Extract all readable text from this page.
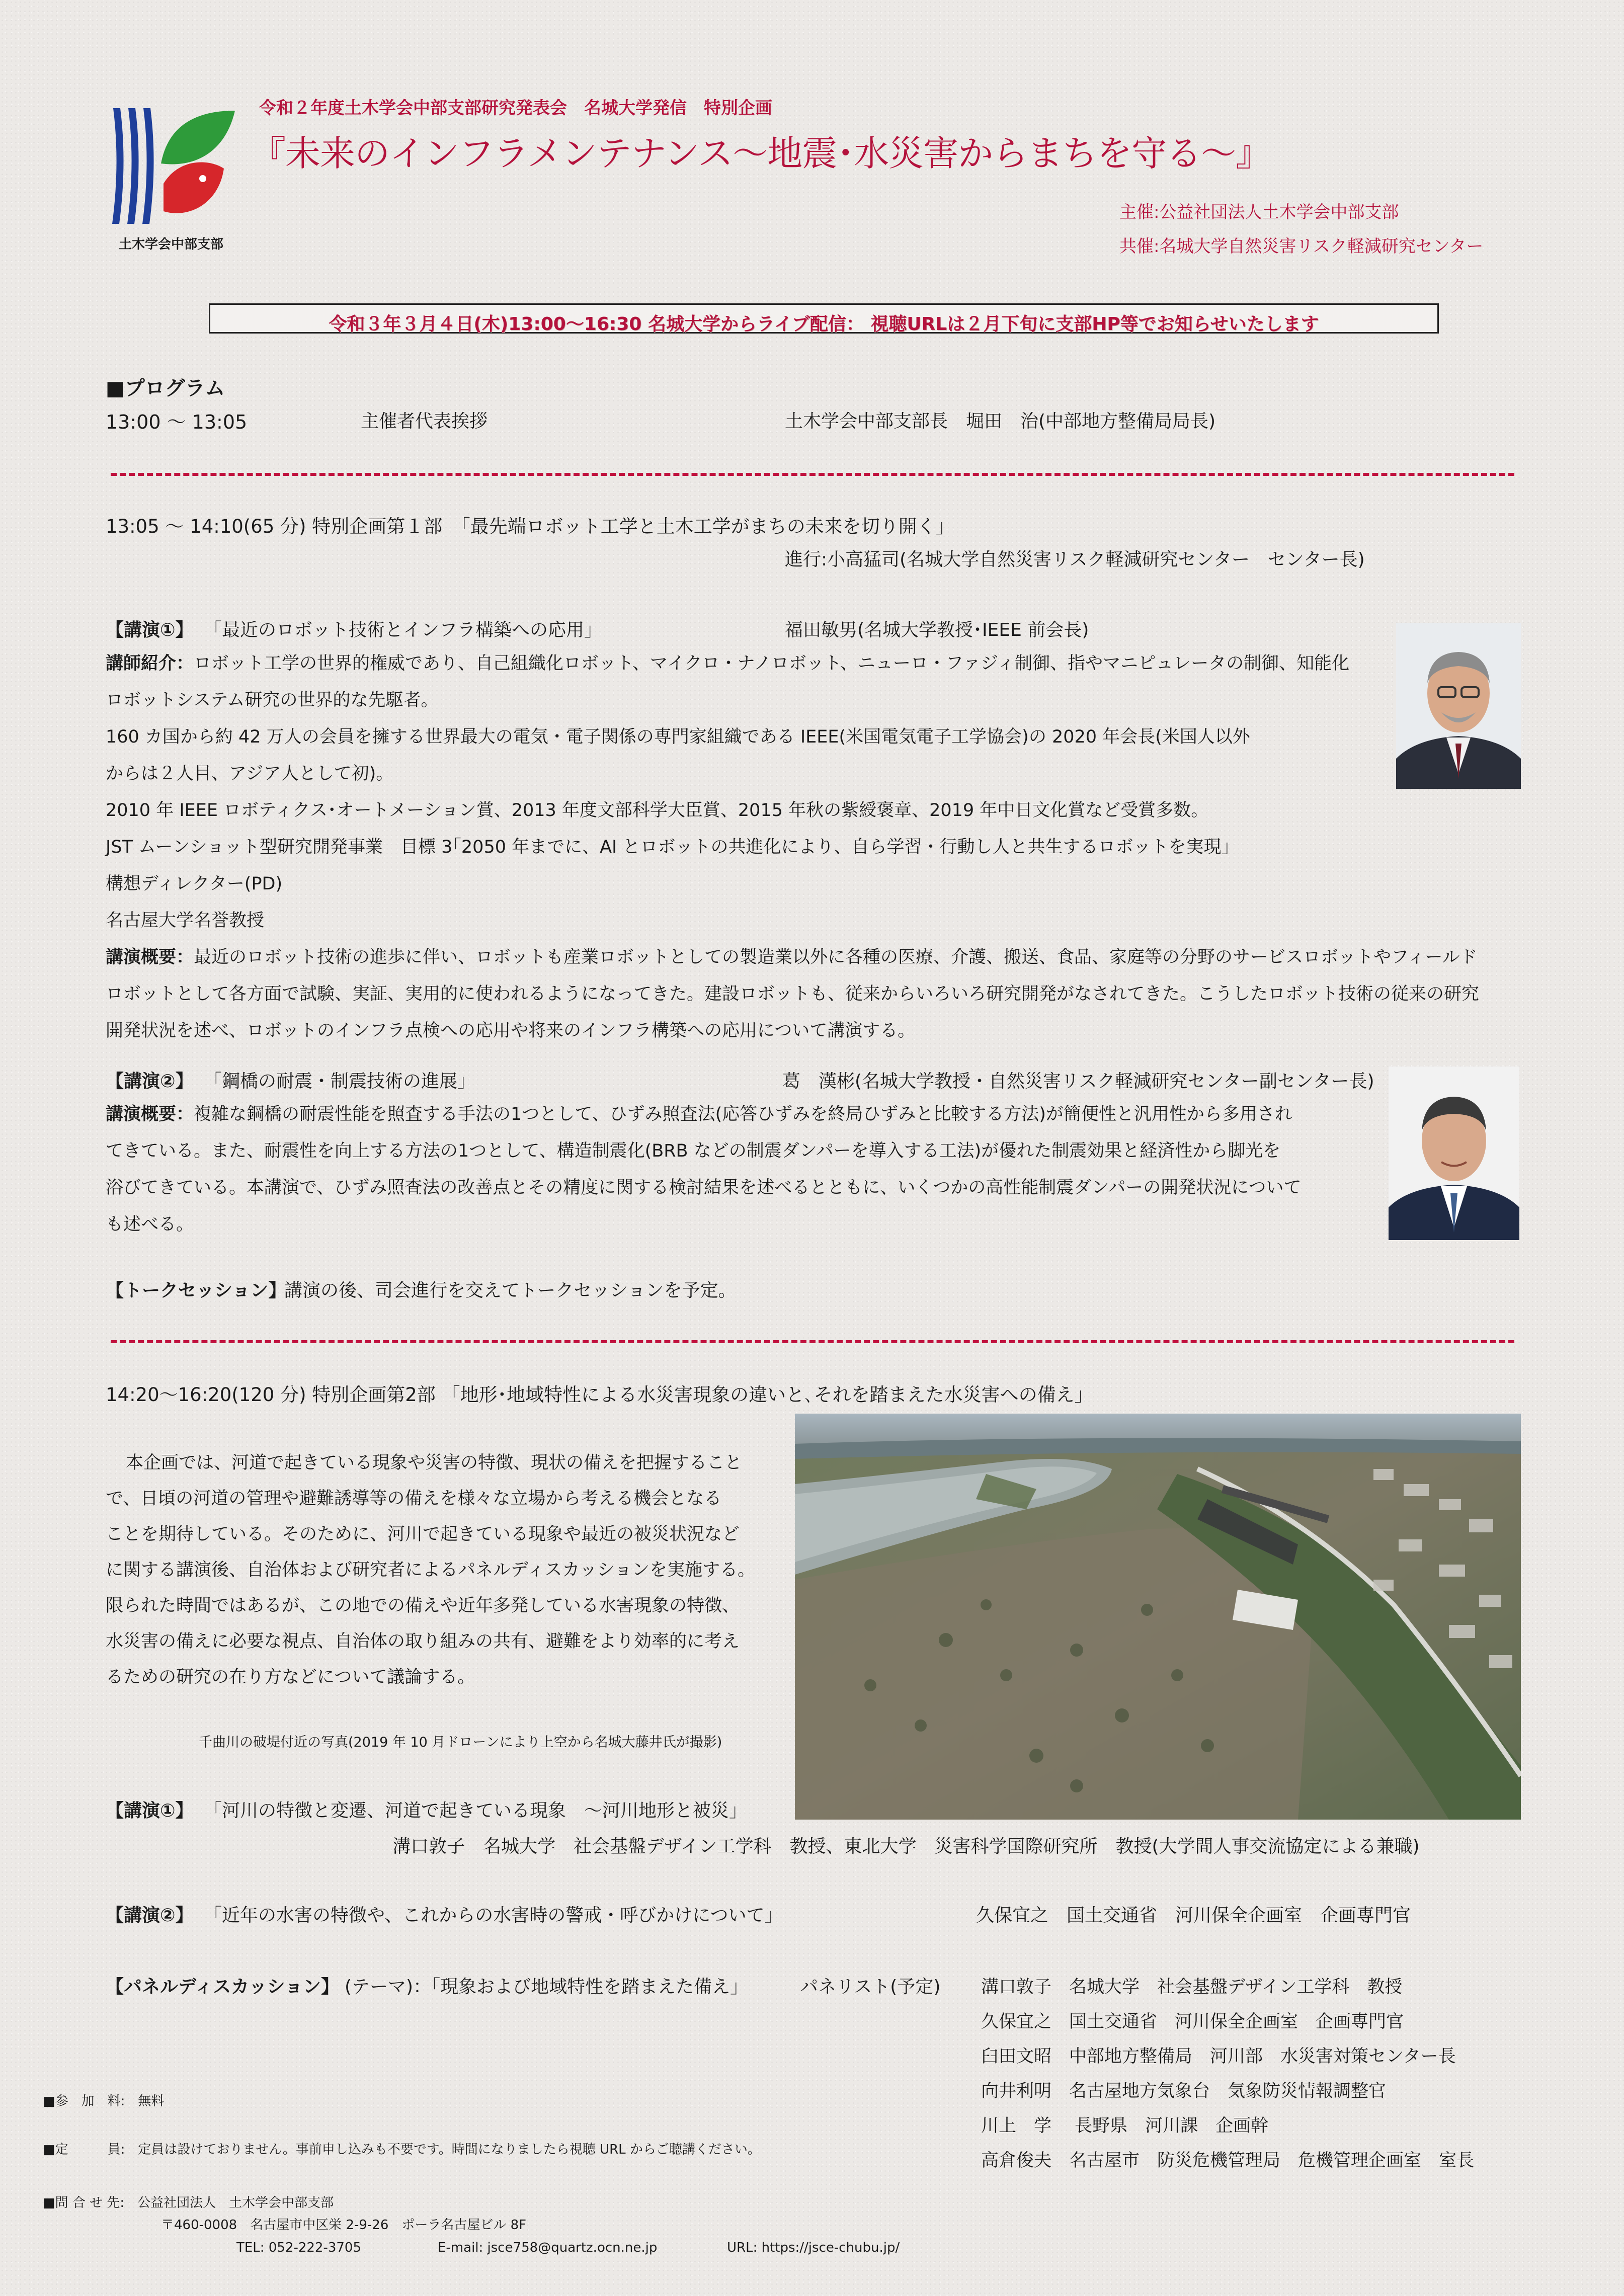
土木学会中部支部
令和２年度土木学会中部支部研究発表会　名城大学発信　特別企画
『未来のインフラメンテナンス～地震･水災害からまちを守る～』
主催:公益社団法人土木学会中部支部
共催:名城大学自然災害リスク軽減研究センター
令和３年３月４日(木)13:00～16:30 名城大学からライブ配信： 視聴URLは２月下旬に支部HP等でお知らせいたします
■プログラム
13:00 ～ 13:05	主催者代表挨拶	土木学会中部支部長　堀田　治(中部地方整備局局長)
13:05 ～ 14:10(65 分) 特別企画第１部　「最先端ロボット工学と土木工学がまちの未来を切り開く」
進行:小高猛司(名城大学自然災害リスク軽減研究センター　センター長)
【講演①】 「最近のロボット技術とインフラ構築への応用」	福田敏男(名城大学教授･IEEE 前会長)
講師紹介：ロボット工学の世界的権威であり、自己組織化ロボット、マイクロ・ナノロボット、ニューロ・ファジィ制御、指やマニピュレータの制御、知能化
ロボットシステム研究の世界的な先駆者。
160 カ国から約 42 万人の会員を擁する世界最大の電気・電子関係の専門家組織である IEEE(米国電気電子工学協会)の 2020 年会長(米国人以外
からは２人目、アジア人として初)。
2010 年 IEEE ロボティクス･オートメーション賞、2013 年度文部科学大臣賞、2015 年秋の紫綬褒章、2019 年中日文化賞など受賞多数。
JST ムーンショット型研究開発事業　目標 3｢2050 年までに、AI とロボットの共進化により、自ら学習・行動し人と共生するロボットを実現」
構想ディレクター(PD)
名古屋大学名誉教授
講演概要：最近のロボット技術の進歩に伴い、ロボットも産業ロボットとしての製造業以外に各種の医療、介護、搬送、食品、家庭等の分野のサービスロボットやフィールド
ロボットとして各方面で試験、実証、実用的に使われるようになってきた。建設ロボットも、従来からいろいろ研究開発がなされてきた。こうしたロボット技術の従来の研究
開発状況を述べ、ロボットのインフラ点検への応用や将来のインフラ構築への応用について講演する。
【講演②】 「鋼橋の耐震・制震技術の進展」	葛　漢彬(名城大学教授・自然災害リスク軽減研究センター副センター長)
講演概要：複雑な鋼橋の耐震性能を照査する手法の1つとして、ひずみ照査法(応答ひずみを終局ひずみと比較する方法)が簡便性と汎用性から多用され
てきている。また、耐震性を向上する方法の1つとして、構造制震化(BRB などの制震ダンパーを導入する工法)が優れた制震効果と経済性から脚光を
浴びてきている。本講演で、ひずみ照査法の改善点とその精度に関する検討結果を述べるとともに、いくつかの高性能制震ダンパーの開発状況について
も述べる。
【トークセッション】
講演の後、司会進行を交えてトークセッションを予定。
14:20～16:20(120 分) 特別企画第2部 「地形･地域特性による水災害現象の違いと､それを踏まえた水災害への備え」
本企画では、河道で起きている現象や災害の特徴、現状の備えを把握すること
で、日頃の河道の管理や避難誘導等の備えを様々な立場から考える機会となる
ことを期待している。そのために、河川で起きている現象や最近の被災状況など
に関する講演後、自治体および研究者によるパネルディスカッションを実施する。
限られた時間ではあるが、この地での備えや近年多発している水害現象の特徴、
水災害の備えに必要な視点、自治体の取り組みの共有、避難をより効率的に考え
るための研究の在り方などについて議論する。
千曲川の破堤付近の写真(2019 年 10 月ドローンにより上空から名城大藤井氏が撮影)
【講演①】 「河川の特徴と変遷、河道で起きている現象　～河川地形と被災」
溝口敦子　名城大学　社会基盤デザイン工学科　教授、東北大学　災害科学国際研究所　教授(大学間人事交流協定による兼職)
【講演②】 「近年の水害の特徴や、これからの水害時の警戒・呼びかけについて」	久保宜之　国土交通省　河川保全企画室　企画専門官
【パネルディスカッション】 (テーマ)：「現象および地域特性を踏まえた備え」	パネリスト(予定) 溝口敦子　名城大学　社会基盤デザイン工学科　教授
久保宜之　国土交通省　河川保全企画室　企画専門官
臼田文昭　中部地方整備局　河川部　水災害対策センター長
向井利明　名古屋地方気象台　気象防災情報調整官
川上　学　 長野県　河川課　企画幹
高倉俊夫　名古屋市　防災危機管理局　危機管理企画室　室長
■参　加　料:　無料
■定　　　員:　定員は設けておりません。事前申し込みも不要です。時間になりましたら視聴 URL からご聴講ください。
■問 合 せ 先:　公益社団法人　土木学会中部支部
〒460-0008　名古屋市中区栄 2-9-26　ポーラ名古屋ビル 8F
TEL: 052-222-3705	E-mail: jsce758@quartz.ocn.ne.jp	URL: https://jsce-chubu.jp/
